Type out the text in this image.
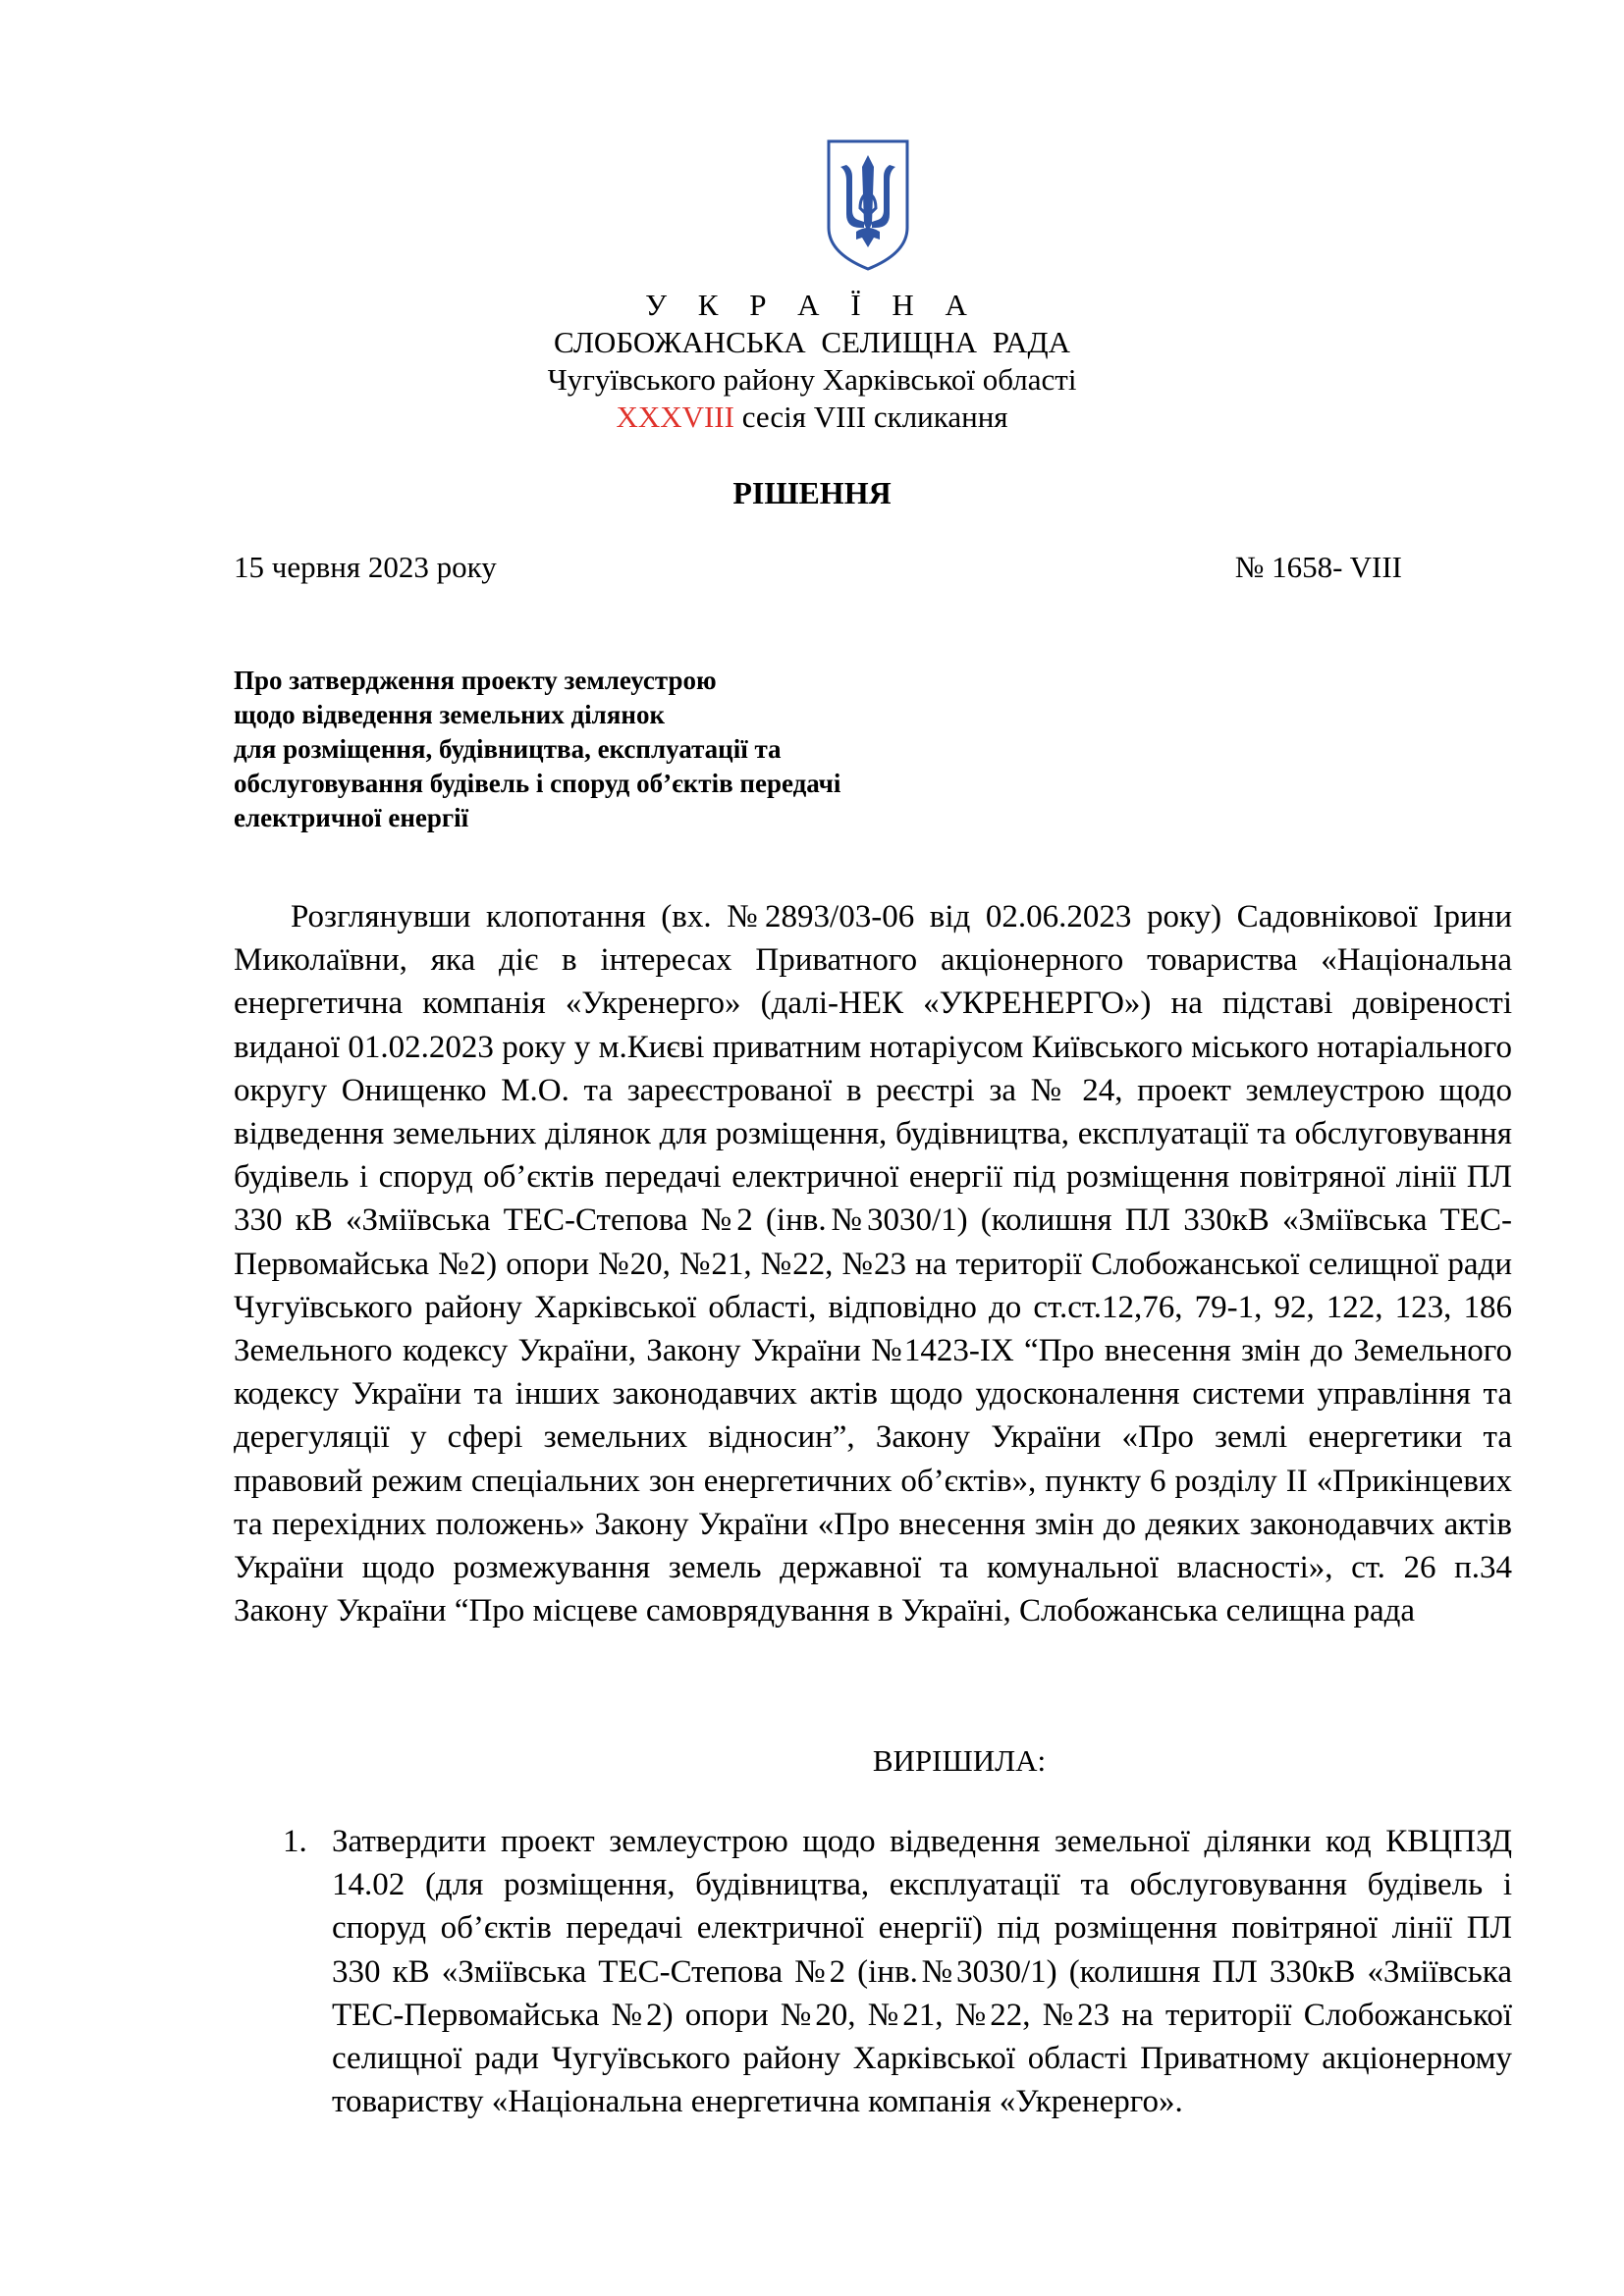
У К Р А Ї Н А
СЛОБОЖАНСЬКА СЕЛИЩНА РАДА
Чугуївського району Харківської області
XXXVIII сесія VIII скликання
РІШЕННЯ
15 червня 2023 року	№ 1658- VIII
Про затвердження проекту землеустрою
щодо відведення земельних ділянок
для розміщення, будівництва, експлуатації та
обслуговування будівель і споруд об’єктів передачі
електричної енергії

Розглянувши клопотання (вх. №2893/03-06 від 02.06.2023 року) Садовнікової Ірини Миколаївни, яка діє в інтересах Приватного акціонерного товариства «Національна енергетична компанія «Укренерго» (далі-НЕК «УКРЕНЕРГО») на підставі довіреності виданої 01.02.2023 року у м.Києві приватним нотаріусом Київського міського нотаріального округу Онищенко М.О. та зареєстрованої в реєстрі за № 24, проект землеустрою щодо відведення земельних ділянок для розміщення, будівництва, експлуатації та обслуговування будівель і споруд об’єктів передачі електричної енергії під розміщення повітряної лінії ПЛ 330 кВ «Зміївська ТЕС-Степова №2 (інв.№3030/1) (колишня ПЛ 330кВ «Зміївська ТЕС-Первомайська №2) опори №20, №21, №22, №23 на території Слобожанської селищної ради Чугуївського району Харківської області, відповідно до ст.ст.12,76, 79-1, 92, 122, 123, 186 Земельного кодексу України, Закону України №1423-IX “Про внесення змін до Земельного кодексу України та інших законодавчих актів щодо удосконалення системи управління та дерегуляції у сфері земельних відносин”, Закону України «Про землі енергетики та правовий режим спеціальних зон енергетичних об’єктів», пункту 6 розділу II «Прикінцевих та перехідних положень» Закону України «Про внесення змін до деяких законодавчих актів України щодо розмежування земель державної та комунальної власності», ст. 26 п.34 Закону України “Про місцеве самоврядування в Україні, Слобожанська селищна рада

ВИРІШИЛА:
1. Затвердити проект землеустрою щодо відведення земельної ділянки код КВЦПЗД 14.02 (для розміщення, будівництва, експлуатації та обслуговування будівель і споруд об’єктів передачі електричної енергії) під розміщення повітряної лінії ПЛ 330 кВ «Зміївська ТЕС-Степова №2 (інв.№3030/1) (колишня ПЛ 330кВ «Зміївська ТЕС-Первомайська №2) опори №20, №21, №22, №23 на території Слобожанської селищної ради Чугуївського району Харківської області Приватному акціонерному товариству «Національна енергетична компанія «Укренерго».
